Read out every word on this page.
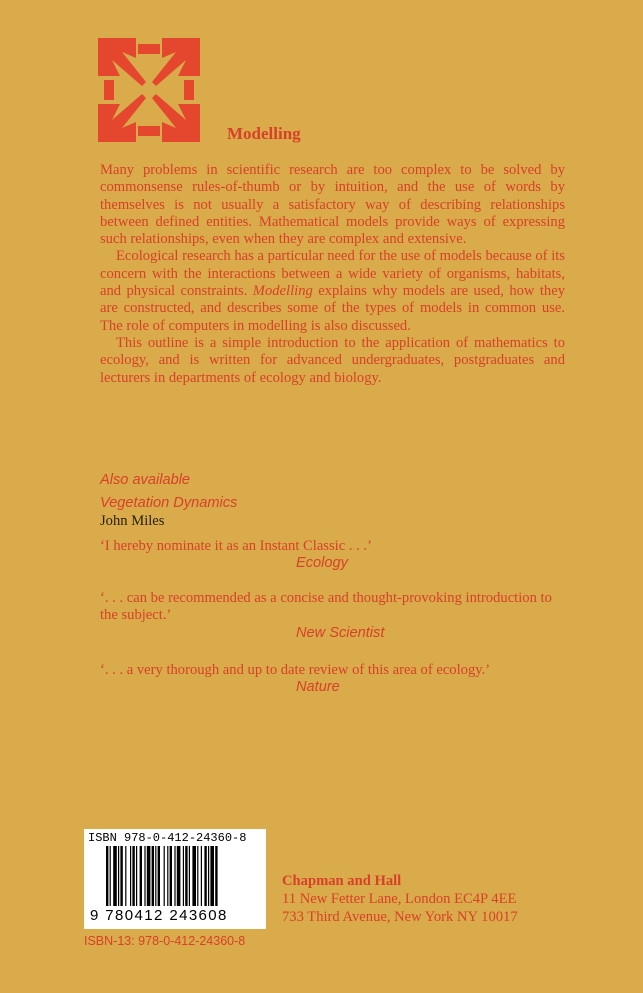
Modelling

Many problems in scientific research are too complex to be solved by commonsense rules-of-thumb or by intuition, and the use of words by themselves is not usually a satisfactory way of describing relationships between defined entities. Mathematical models provide ways of expressing such relationships, even when they are complex and extensive.

Ecological research has a particular need for the use of models because of its concern with the interactions between a wide variety of organisms, habitats, and physical constraints. Modelling explains why models are used, how they are constructed, and describes some of the types of models in common use. The role of computers in modelling is also discussed.

This outline is a simple introduction to the application of mathematics to ecology, and is written for advanced undergraduates, postgraduates and lecturers in departments of ecology and biology.

Also available
Vegetation Dynamics
John Miles
‘I hereby nominate it as an Instant Classic . . .’
Ecology
‘. . . can be recommended as a concise and thought-provoking introduction to the subject.’
New Scientist
‘. . . a very thorough and up to date review of this area of ecology.’
Nature
ISBN 978-0-412-24360-8
9 780412 243608
ISBN-13: 978-0-412-24360-8
Chapman and Hall
11 New Fetter Lane, London EC4P 4EE
733 Third Avenue, New York NY 10017
